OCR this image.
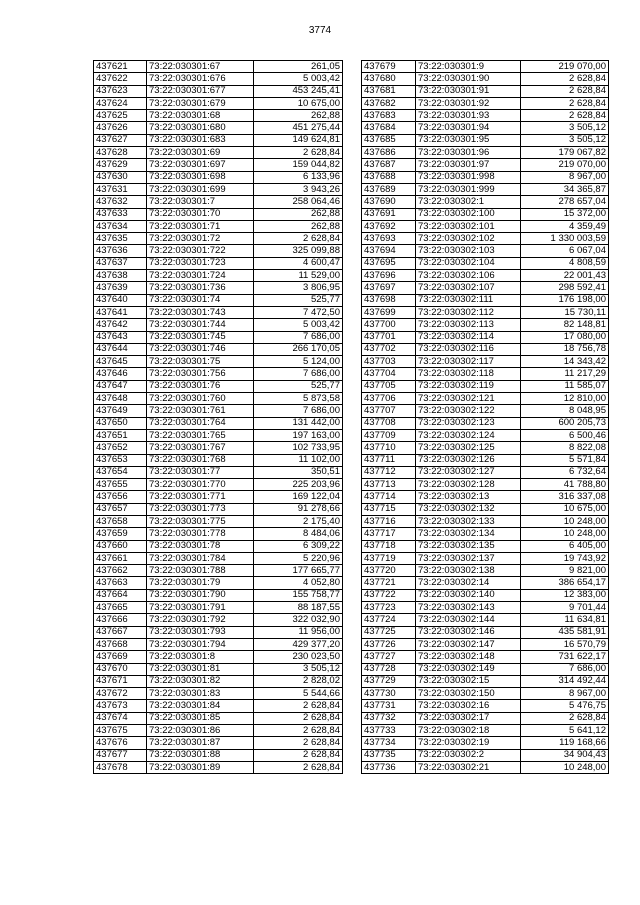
3774
437621	73:22:030301:67	261,05
437622	73:22:030301:676	5 003,42
437623	73:22:030301:677	453 245,41
437624	73:22:030301:679	10 675,00
437625	73:22:030301:68	262,88
437626	73:22:030301:680	451 275,44
437627	73:22:030301:683	149 624,81
437628	73:22:030301:69	2 628,84
437629	73:22:030301:697	159 044,82
437630	73:22:030301:698	6 133,96
437631	73:22:030301:699	3 943,26
437632	73:22:030301:7	258 064,46
437633	73:22:030301:70	262,88
437634	73:22:030301:71	262,88
437635	73:22:030301:72	2 628,84
437636	73:22:030301:722	325 099,88
437637	73:22:030301:723	4 600,47
437638	73:22:030301:724	11 529,00
437639	73:22:030301:736	3 806,95
437640	73:22:030301:74	525,77
437641	73:22:030301:743	7 472,50
437642	73:22:030301:744	5 003,42
437643	73:22:030301:745	7 686,00
437644	73:22:030301:746	266 170,05
437645	73:22:030301:75	5 124,00
437646	73:22:030301:756	7 686,00
437647	73:22:030301:76	525,77
437648	73:22:030301:760	5 873,58
437649	73:22:030301:761	7 686,00
437650	73:22:030301:764	131 442,00
437651	73:22:030301:765	197 163,00
437652	73:22:030301:767	102 733,95
437653	73:22:030301:768	11 102,00
437654	73:22:030301:77	350,51
437655	73:22:030301:770	225 203,96
437656	73:22:030301:771	169 122,04
437657	73:22:030301:773	91 278,66
437658	73:22:030301:775	2 175,40
437659	73:22:030301:778	8 484,06
437660	73:22:030301:78	6 309,22
437661	73:22:030301:784	5 220,96
437662	73:22:030301:788	177 665,77
437663	73:22:030301:79	4 052,80
437664	73:22:030301:790	155 758,77
437665	73:22:030301:791	88 187,55
437666	73:22:030301:792	322 032,90
437667	73:22:030301:793	11 956,00
437668	73:22:030301:794	429 377,20
437669	73:22:030301:8	230 023,50
437670	73:22:030301:81	3 505,12
437671	73:22:030301:82	2 828,02
437672	73:22:030301:83	5 544,66
437673	73:22:030301:84	2 628,84
437674	73:22:030301:85	2 628,84
437675	73:22:030301:86	2 628,84
437676	73:22:030301:87	2 628,84
437677	73:22:030301:88	2 628,84
437678	73:22:030301:89	2 628,84
437679	73:22:030301:9	219 070,00
437680	73:22:030301:90	2 628,84
437681	73:22:030301:91	2 628,84
437682	73:22:030301:92	2 628,84
437683	73:22:030301:93	2 628,84
437684	73:22:030301:94	3 505,12
437685	73:22:030301:95	3 505,12
437686	73:22:030301:96	179 067,82
437687	73:22:030301:97	219 070,00
437688	73:22:030301:998	8 967,00
437689	73:22:030301:999	34 365,87
437690	73:22:030302:1	278 657,04
437691	73:22:030302:100	15 372,00
437692	73:22:030302:101	4 359,49
437693	73:22:030302:102	1 330 003,59
437694	73:22:030302:103	6 067,04
437695	73:22:030302:104	4 808,59
437696	73:22:030302:106	22 001,43
437697	73:22:030302:107	298 592,41
437698	73:22:030302:111	176 198,00
437699	73:22:030302:112	15 730,11
437700	73:22:030302:113	82 148,81
437701	73:22:030302:114	17 080,00
437702	73:22:030302:116	18 756,78
437703	73:22:030302:117	14 343,42
437704	73:22:030302:118	11 217,29
437705	73:22:030302:119	11 585,07
437706	73:22:030302:121	12 810,00
437707	73:22:030302:122	8 048,95
437708	73:22:030302:123	600 205,73
437709	73:22:030302:124	6 500,46
437710	73:22:030302:125	8 822,08
437711	73:22:030302:126	5 571,84
437712	73:22:030302:127	6 732,64
437713	73:22:030302:128	41 788,80
437714	73:22:030302:13	316 337,08
437715	73:22:030302:132	10 675,00
437716	73:22:030302:133	10 248,00
437717	73:22:030302:134	10 248,00
437718	73:22:030302:135	6 405,00
437719	73:22:030302:137	19 743,92
437720	73:22:030302:138	9 821,00
437721	73:22:030302:14	386 654,17
437722	73:22:030302:140	12 383,00
437723	73:22:030302:143	9 701,44
437724	73:22:030302:144	11 634,81
437725	73:22:030302:146	435 581,91
437726	73:22:030302:147	16 570,79
437727	73:22:030302:148	731 622,17
437728	73:22:030302:149	7 686,00
437729	73:22:030302:15	314 492,44
437730	73:22:030302:150	8 967,00
437731	73:22:030302:16	5 476,75
437732	73:22:030302:17	2 628,84
437733	73:22:030302:18	5 641,12
437734	73:22:030302:19	119 168,66
437735	73:22:030302:2	34 904,43
437736	73:22:030302:21	10 248,00
